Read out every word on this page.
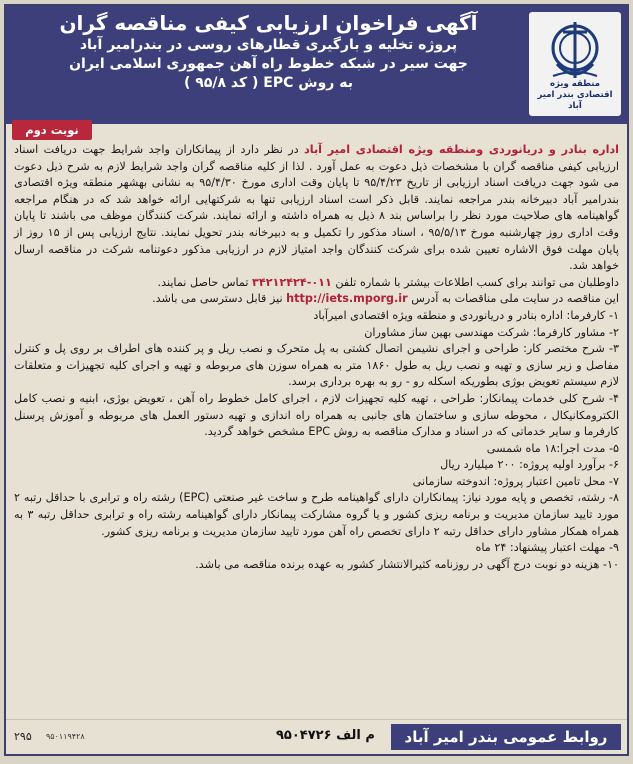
آگهی فراخوان ارزیابی کیفی مناقصه گران
پروژه تخلیه و بارگیری قطارهای روسی در بندرامیر آباد
جهت سیر در شبکه خطوط راه آهن جمهوری اسلامی ایران
به روش EPC ( کد ۹۵/۸ )	منطقه ویژه اقتصادی بندر امیر آباد
نوبت دوم

اداره بنادر و دریانوردی ومنطقه ویژه اقتصادی امیر آباد در نظر دارد از پیمانکاران واجد شرایط جهت دریافت اسناد ارزیابی کیفی مناقصه گران با مشخصات ذیل دعوت به عمل آورد . لذا از کلیه مناقصه گران واجد شرایط لازم به شرح ذیل دعوت می شود جهت دریافت اسناد ارزیابی از تاریخ ۹۵/۴/۲۳ تا پایان وقت اداری مورخ ۹۵/۴/۳۰ به نشانی بهشهر منطقه ویژه اقتصادی بندرامیر آباد دبیرخانه بندر مراجعه نمایند. قابل ذکر است اسناد ارزیابی تنها به شرکتهایی ارائه خواهد شد که در هنگام مراجعه گواهینامه های صلاحیت مورد نظر را براساس بند ۸ ذیل به همراه داشته و ارائه نمایند. شرکت کنندگان موظف می باشند تا پایان وقت اداری روز چهارشنبه مورخ ۹۵/۵/۱۳ ، اسناد مذکور را تکمیل و به دبیرخانه بندر تحویل نمایند. نتایج ارزیابی پس از ۱۵ روز از پایان مهلت فوق الاشاره تعیین شده برای شرکت کنندگان واجد امتیاز لازم در ارزیابی مذکور دعوتنامه شرکت در مناقصه ارسال خواهد شد.

داوطلبان می توانند برای کسب اطلاعات بیشتر با شماره تلفن ۰۱۱-۳۴۲۱۲۴۲۴ تماس حاصل نمایند.

این مناقصه در سایت ملی مناقصات به آدرس http://iets.mporg.ir نیز قابل دسترسی می باشد.

۱- کارفرما: اداره بنادر و دریانوردی و منطقه ویژه اقتصادی امیرآباد

۲- مشاور کارفرما: شرکت مهندسی بهین ساز مشاوران

۳- شرح مختصر کار: طراحی و اجرای نشیمن اتصال کشتی به پل متحرک و نصب ریل و پر کننده های اطراف بر روی پل و کنترل مفاصل و زیر سازی و تهیه و نصب ریل به طول ۱۸۶۰ متر به همراه سوزن های مربوطه و تهیه و اجرای کلیه تجهیزات و متعلقات لازم سیستم تعویض بوژی بطوریکه اسکله رو - رو به بهره برداری برسد.

۴- شرح کلی خدمات پیمانکار: طراحی ، تهیه کلیه تجهیزات لازم ، اجرای کامل خطوط راه آهن ، تعویض بوژی، ابنیه و نصب کامل الکترومکانیکال ، محوطه سازی و ساختمان های جانبی به همراه راه اندازی و تهیه دستور العمل های مربوطه و آموزش پرسنل کارفرما و سایر خدماتی که در اسناد و مدارک مناقصه به روش EPC مشخص خواهد گردید.

۵- مدت اجرا:۱۸ ماه شمسی

۶- برآورد اولیه پروژه: ۲۰۰ میلیارد ریال

۷- محل تامین اعتبار پروژه: اندوخته سازمانی

۸- رشته، تخصص و پایه مورد نیاز: پیمانکاران دارای گواهینامه طرح و ساخت غیر صنعتی (EPC) رشته راه و ترابری با حداقل رتبه ۲ مورد تایید سازمان مدیریت و برنامه ریزی کشور و یا گروه مشارکت پیمانکار دارای گواهینامه رشته راه و ترابری حداقل رتبه ۳ به همراه همکار مشاور دارای حداقل رتبه ۲ دارای تخصص راه آهن مورد تایید سازمان مدیریت و برنامه ریزی کشور.

۹- مهلت اعتبار پیشنهاد: ۲۴ ماه

۱۰- هزینه دو نوبت درج آگهی در روزنامه کثیرالانتشار کشور به عهده برنده مناقصه می باشد.

روابط عمومی بندر امیر آباد
م الف ۹۵۰۴۷۲۶
۹۵۰۱۱۹۴۲۸
۲۹۵
